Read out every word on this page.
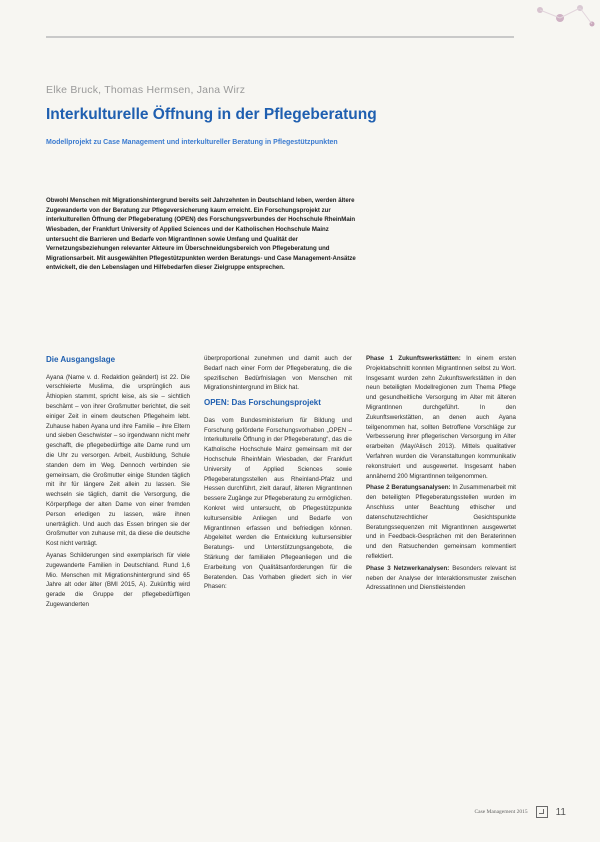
Elke Bruck, Thomas Hermsen, Jana Wirz
Interkulturelle Öffnung in der Pflegeberatung
Modellprojekt zu Case Management und interkultureller Beratung in Pflegestützpunkten
Obwohl Menschen mit Migrationshintergrund bereits seit Jahrzehnten in Deutschland leben, werden ältere Zugewanderte von der Beratung zur Pflegeversicherung kaum erreicht. Ein Forschungsprojekt zur interkulturellen Öffnung der Pflegeberatung (OPEN) des Forschungsverbundes der Hochschule RheinMain Wiesbaden, der Frankfurt University of Applied Sciences und der Katholischen Hochschule Mainz untersucht die Barrieren und Bedarfe von MigrantInnen sowie Umfang und Qualität der Vernetzungsbeziehungen relevanter Akteure im Überschneidungsbereich von Pflegeberatung und Migrationsarbeit. Mit ausgewählten Pflegestützpunkten werden Beratungs- und Case Management-Ansätze entwickelt, die den Lebenslagen und Hilfebedarfen dieser Zielgruppe entsprechen.
Die Ausgangslage

Ayana (Name v. d. Redaktion geändert) ist 22. Die verschleierte Muslima, die ursprünglich aus Äthiopien stammt, spricht leise, als sie – sichtlich beschämt – von ihrer Großmutter berichtet, die seit einiger Zeit in einem deutschen Pflegeheim lebt. Zuhause haben Ayana und ihre Familie – ihre Eltern und sieben Geschwister – so irgendwann nicht mehr geschafft, die pflegebedürftige alte Dame rund um die Uhr zu versorgen. Arbeit, Ausbildung, Schule standen dem im Weg. Dennoch verbinden sie gemeinsam, die Großmutter einige Stunden täglich mit ihr für längere Zeit allein zu lassen. Sie wechseln sie täglich, damit die Versorgung, die Körperpflege der alten Dame von einer fremden Person erledigen zu lassen, wäre ihnen unerträglich. Und auch das Essen bringen sie der Großmutter von zuhause mit, da diese die deutsche Kost nicht verträgt.

Ayanas Schilderungen sind exemplarisch für viele zugewanderte Familien in Deutschland. Rund 1,6 Mio. Menschen mit Migrationshintergrund sind 65 Jahre alt oder älter (BMI 2015, A). Zukünftig wird gerade die Gruppe der pflegebedürftigen Zugewanderten

überproportional zunehmen und damit auch der Bedarf nach einer Form der Pflegeberatung, die die spezifischen Bedürfnislagen von Menschen mit Migrationshintergrund im Blick hat.

OPEN: Das Forschungsprojekt

Das vom Bundesministerium für Bildung und Forschung geförderte Forschungsvorhaben „OPEN – Interkulturelle Öffnung in der Pflegeberatung“, das die Katholische Hochschule Mainz gemeinsam mit der Hochschule RheinMain Wiesbaden, der Frankfurt University of Applied Sciences sowie Pflegeberatungsstellen aus Rheinland-Pfalz und Hessen durchführt, zielt darauf, älteren MigrantInnen bessere Zugänge zur Pflegeberatung zu ermöglichen. Konkret wird untersucht, ob Pflegestützpunkte kultursensible Anliegen und Bedarfe von MigrantInnen erfassen und befriedigen können. Abgeleitet werden die Entwicklung kultursensibler Beratungs- und Unterstützungsangebote, die Stärkung der familialen Pflegeanliegen und die Erarbeitung von Qualitätsanforderungen für die Beratenden. Das Vorhaben gliedert sich in vier Phasen:

Phase 1 Zukunftswerkstätten: In einem ersten Projektabschnitt konnten MigrantInnen selbst zu Wort. Insgesamt wurden zehn Zukunftswerkstätten in den neun beteiligten Modellregionen zum Thema Pflege und gesundheitliche Versorgung im Alter mit älteren MigrantInnen durchgeführt. In den Zukunftswerkstätten, an denen auch Ayana teilgenommen hat, sollten Betroffene Vorschläge zur Verbesserung ihrer pflegerischen Versorgung im Alter erarbeiten (May/Alisch 2013). Mittels qualitativer Verfahren wurden die Veranstaltungen kommunikativ rekonstruiert und ausgewertet. Insgesamt haben annähernd 200 MigrantInnen teilgenommen.

Phase 2 Beratungsanalysen: In Zusammenarbeit mit den beteiligten Pflegeberatungsstellen wurden im Anschluss unter Beachtung ethischer und datenschutzrechtlicher Gesichtspunkte Beratungssequenzen mit MigrantInnen ausgewertet und in Feedback-Gesprächen mit den Beraterinnen und den Ratsuchenden gemeinsam kommentiert reflektiert.

Phase 3 Netzwerkanalysen: Besonders relevant ist neben der Analyse der Interaktionsmuster zwischen AdressatInnen und Dienstleistenden

Case Management 2015	11
